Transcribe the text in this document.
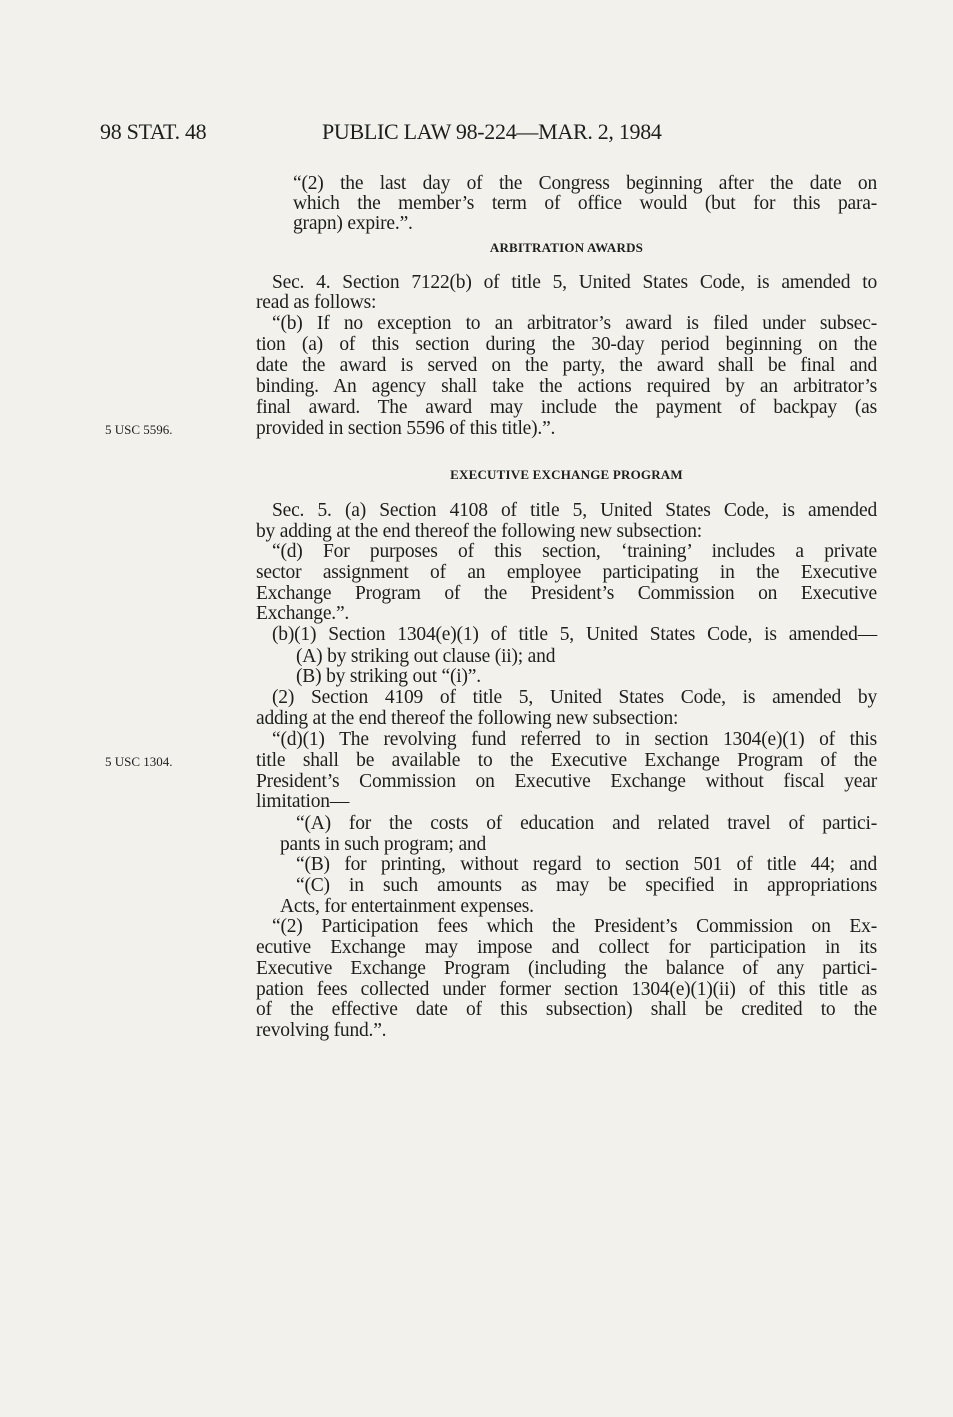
98 STAT. 48	PUBLIC LAW 98-224—MAR. 2, 1984
ARBITRATION AWARDS
EXECUTIVE EXCHANGE PROGRAM
5 USC 5596.
5 USC 1304.
“(2) the last day of the Congress beginning after the date on
which the member’s term of office would (but for this para-
grapn) expire.”.
Sec. 4. Section 7122(b) of title 5, United States Code, is amended to
read as follows:
“(b) If no exception to an arbitrator’s award is filed under subsec-
tion (a) of this section during the 30-day period beginning on the
date the award is served on the party, the award shall be final and
binding. An agency shall take the actions required by an arbitrator’s
final award. The award may include the payment of backpay (as
provided in section 5596 of this title).”.
Sec. 5. (a) Section 4108 of title 5, United States Code, is amended
by adding at the end thereof the following new subsection:
“(d) For purposes of this section, ‘training’ includes a private
sector assignment of an employee participating in the Executive
Exchange Program of the President’s Commission on Executive
Exchange.”.
(b)(1) Section 1304(e)(1) of title 5, United States Code, is amended—
(A) by striking out clause (ii); and
(B) by striking out “(i)”.
(2) Section 4109 of title 5, United States Code, is amended by
adding at the end thereof the following new subsection:
“(d)(1) The revolving fund referred to in section 1304(e)(1) of this
title shall be available to the Executive Exchange Program of the
President’s Commission on Executive Exchange without fiscal year
limitation—
“(A) for the costs of education and related travel of partici-
pants in such program; and
“(B) for printing, without regard to section 501 of title 44; and
“(C) in such amounts as may be specified in appropriations
Acts, for entertainment expenses.
“(2) Participation fees which the President’s Commission on Ex-
ecutive Exchange may impose and collect for participation in its
Executive Exchange Program (including the balance of any partici-
pation fees collected under former section 1304(e)(1)(ii) of this title as
of the effective date of this subsection) shall be credited to the
revolving fund.”.
